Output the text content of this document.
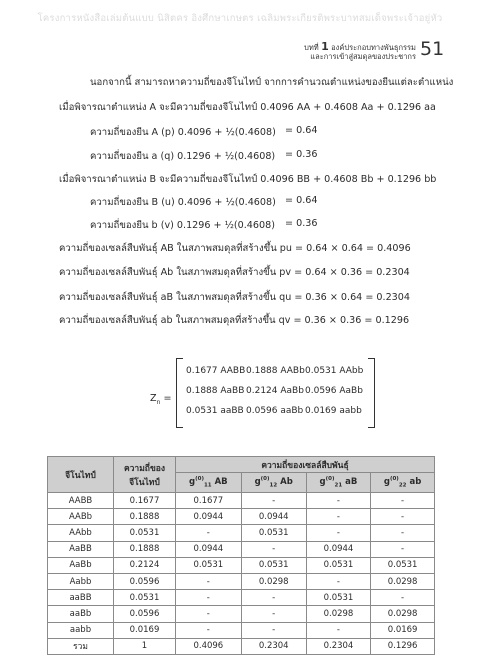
โครงการหนังสือเล่มต้นแบบ นิสิตคร อิงศึกษาเกษตร เฉลิมพระเกียรติพระบาทสมเด็จพระเจ้าอยู่หัว
บทที่ 1 องค์ประกอบทางพันธุกรรม
และการเข้าสู่สมดุลของประชากร 51
นอกจากนี้ สามารถหาความถี่ของจีโนไทป์ จากการคำนวณตำแหน่งของยีนแต่ละตำแหน่ง
เมื่อพิจารณาตำแหน่ง A จะมีความถี่ของจีโนไทป์ 0.4096 AA + 0.4608 Aa + 0.1296 aa
ความถี่ของยีน A (p) 0.4096 + ½(0.4608) = 0.64
ความถี่ของยีน a (q) 0.1296 + ½(0.4608) = 0.36
เมื่อพิจารณาตำแหน่ง B จะมีความถี่ของจีโนไทป์ 0.4096 BB + 0.4608 Bb + 0.1296 bb
ความถี่ของยีน B (u) 0.4096 + ½(0.4608) = 0.64
ความถี่ของยีน b (v) 0.1296 + ½(0.4608) = 0.36
ความถี่ของเซลล์สืบพันธุ์ AB ในสภาพสมดุลที่สร้างขึ้น pu = 0.64 × 0.64 = 0.4096
ความถี่ของเซลล์สืบพันธุ์ Ab ในสภาพสมดุลที่สร้างขึ้น pv = 0.64 × 0.36 = 0.2304
ความถี่ของเซลล์สืบพันธุ์ aB ในสภาพสมดุลที่สร้างขึ้น qu = 0.36 × 0.64 = 0.2304
ความถี่ของเซลล์สืบพันธุ์ ab ในสภาพสมดุลที่สร้างขึ้น qv = 0.36 × 0.36 = 0.1296
$Z_n$ =
0.1677 AABB 0.1888 AABb 0.0531 AAbb
0.1888 AaBB 0.2124 AaBb 0.0596 AaBb
0.0531 aaBB 0.0596 aaBb 0.0169 aabb
จีโนไทป์	ความถี่ของ
จีโนไทป์	ความถี่ของเซลล์สืบพันธุ์			
		$g^{(0)}_{11}$ AB	$g^{(0)}_{12}$ Ab	$g^{(0)}_{21}$ aB	$g^{(0)}_{22}$ ab
AABB	0.1677	0.1677	-	-	-
AABb	0.1888	0.0944	0.0944	-	-
AAbb	0.0531	-	0.0531	-	-
AaBB	0.1888	0.0944	-	0.0944	-
AaBb	0.2124	0.0531	0.0531	0.0531	0.0531
Aabb	0.0596	-	0.0298	-	0.0298
aaBB	0.0531	-	-	0.0531	-
aaBb	0.0596	-	-	0.0298	0.0298
aabb	0.0169	-	-	-	0.0169
รวม	1	0.4096	0.2304	0.2304	0.1296
